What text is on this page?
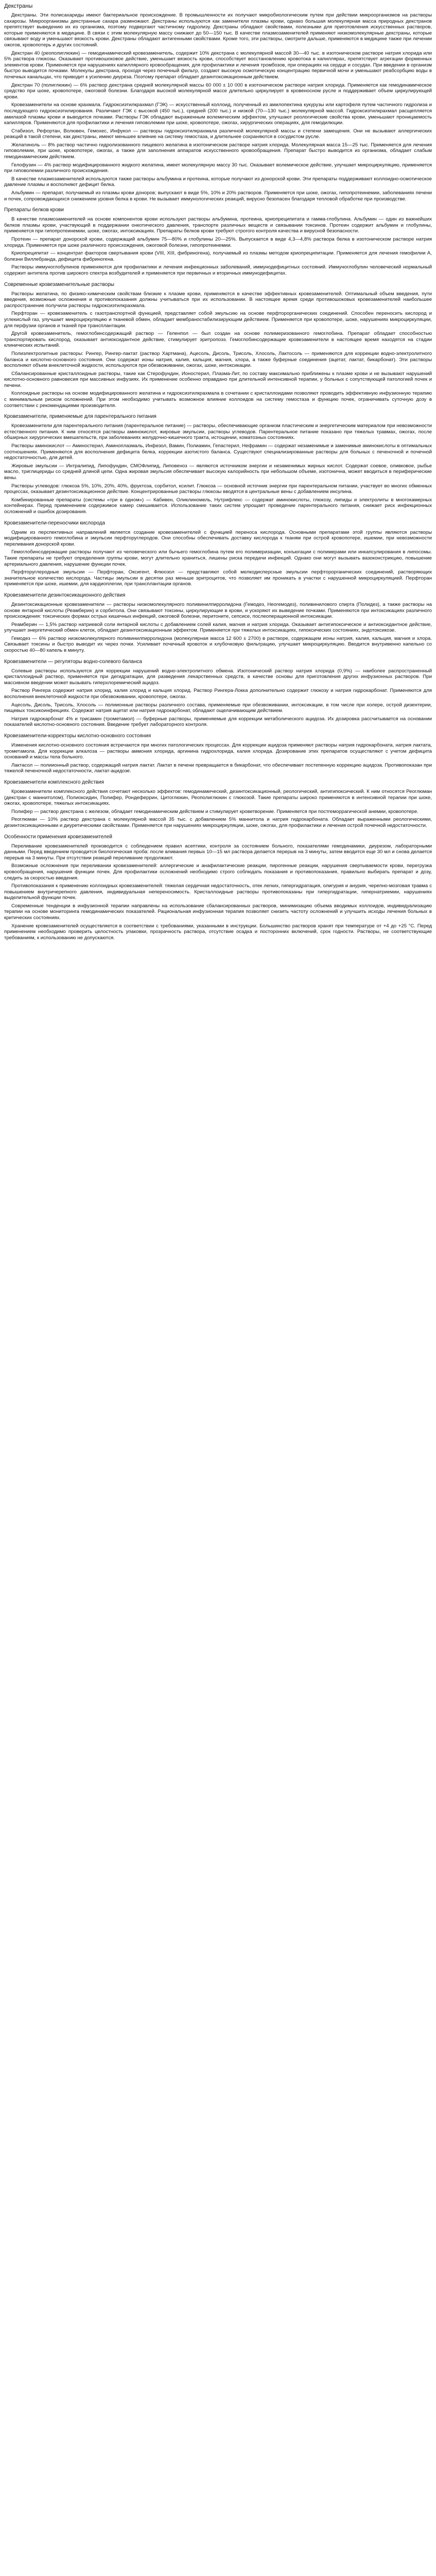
Декстраны

Декстраны. Эти полисахариды имеют бактериальное происхождение. В промышленности их получают микробиологическим путем при действии микроорганизмов на растворы сахарозы. Микроорганизмы декстранные сахара размножают. Декстраны используются как заменители плазмы крови, однако большая молекулярная масса природных декстранов препятствует выведению их из организма, поэтому подвергают частичному гидролизу. Декстраны обладают свойствами, полезными для приготовления искусственных растворов, которые применяются в медицине. В связи с этим молекулярную массу снижают до 50—150 тыс. В качестве плазмозаменителей применяют низкомолекулярные декстраны, которые связывают воду и уменьшают вязкость крови. Декстраны обладают антигенными свойствами. Кроме того, эти растворы, смотрите дальше, применяются в медицине также при лечении ожогов, кровопотерь и других состояний.

Декстран 40 (реополиглюкин) — гемодинамический кровезаменитель, содержит 10% декстрана с молекулярной массой 30—40 тыс. в изотоническом растворе натрия хлорида или 5% раствора глюкозы. Оказывает противошоковое действие, уменьшает вязкость крови, способствует восстановлению кровотока в капиллярах, препятствует агрегации форменных элементов крови. Применяется при нарушениях капиллярного кровообращения, для профилактики и лечения тромбозов, при операциях на сердце и сосудах. При введении в организм быстро выводится почками. Молекулы декстрана, проходя через почечный фильтр, создают высокую осмотическую концентрацию первичной мочи и уменьшают реабсорбцию воды в почечных канальцах, что приводит к усилению диуреза. Поэтому препарат обладает дезинтоксикационным действием.

Декстран 70 (полиглюкин) — 6% раствор декстрана средней молекулярной массы 60 000 ± 10 000 в изотоническом растворе натрия хлорида. Применяется как гемодинамическое средство при шоке, кровопотере, ожоговой болезни. Благодаря высокой молекулярной массе длительно циркулирует в кровеносном русле и поддерживает объем циркулирующей крови.

Кровезаменители на основе крахмала. Гидроксиэтилкрахмал (ГЭК) — искусственный коллоид, полученный из амилопектина кукурузы или картофеля путем частичного гидролиза и последующего гидроксиэтилирования. Различают ГЭК с высокой (450 тыс.), средней (200 тыс.) и низкой (70—130 тыс.) молекулярной массой. Гидроксиэтилкрахмал расщепляется амилазой плазмы крови и выводится почками. Растворы ГЭК обладают выраженным волемическим эффектом, улучшают реологические свойства крови, уменьшают проницаемость капилляров. Применяются для профилактики и лечения гиповолемии при шоке, кровопотере, ожогах, хирургических операциях, для гемодилюции.

Стабизол, Рефортан, Волювен, Гемохес, Инфукол — растворы гидроксиэтилкрахмала различной молекулярной массы и степени замещения. Они не вызывают аллергических реакций в такой степени, как декстраны, имеют меньшее влияние на систему гемостаза, и длительнее сохраняются в сосудистом русле.

Желатиноль — 8% раствор частично гидролизованного пищевого желатина в изотоническом растворе натрия хлорида. Молекулярная масса 15—25 тыс. Применяется для лечения гиповолемии, при шоке, кровопотере, ожогах, а также для заполнения аппаратов искусственного кровообращения. Препарат быстро выводится из организма, обладает слабым гемодинамическим действием.

Гелофузин — 4% раствор модифицированного жидкого желатина, имеет молекулярную массу 30 тыс. Оказывает волемическое действие, улучшает микроциркуляцию, применяется при гиповолемии различного происхождения.

В качестве плазмозаменителей используются также растворы альбумина и протеина, которые получают из донорской крови. Эти препараты поддерживают коллоидно-осмотическое давление плазмы и восполняют дефицит белка.

Альбумин — препарат, получаемый из плазмы крови доноров; выпускают в виде 5%, 10% и 20% растворов. Применяется при шоке, ожогах, гипопротеинемии, заболеваниях печени и почек, сопровождающихся снижением уровня белка в крови. Не вызывает иммунологических реакций, вирусно безопасен благодаря тепловой обработке при производстве.

Препараты белков крови

В качестве плазмозаменителей на основе компонентов крови используют растворы альбумина, протеина, криопреципитата и гамма-глобулина. Альбумин — один из важнейших белков плазмы крови, участвующий в поддержании онкотического давления, транспорте различных веществ и связывании токсинов. Протеин содержит альбумин и глобулины, применяется при гипопротеинемии, шоке, ожогах, интоксикациях. Препараты белков крови требуют строгого контроля качества и вирусной безопасности.

Протеин — препарат донорской крови, содержащий альбумин 75—80% и глобулины 20—25%. Выпускается в виде 4,3—4,8% раствора белка в изотоническом растворе натрия хлорида. Применяется при шоке различного происхождения, ожоговой болезни, гипопротеинемии.

Криопреципитат — концентрат факторов свертывания крови (VIII, XIII, фибриногена), получаемый из плазмы методом криопреципитации. Применяется для лечения гемофилии А, болезни Виллебранда, дефицита фибриногена.

Растворы иммуноглобулинов применяются для профилактики и лечения инфекционных заболеваний, иммунодефицитных состояний. Иммуноглобулин человеческий нормальный содержит антитела против широкого спектра возбудителей и применяется при первичных и вторичных иммунодефицитах.

Современные кровезаменительные растворы

Растворы желатина, по физико-химическим свойствам близкие к плазме крови, применяются в качестве эффективных кровезаменителей. Оптимальный объем введения, пути введения, возможные осложнения и противопоказания должны учитываться при их использовании. В настоящее время среди противошоковых кровезаменителей наибольшее распространение получили растворы гидроксиэтилкрахмала.

Перфторан — кровезаменитель с газотранспортной функцией, представляет собой эмульсию на основе перфторорганических соединений. Способен переносить кислород и углекислый газ, улучшает микроциркуляцию и тканевой обмен, обладает мембраностабилизирующим действием. Применяется при кровопотере, шоке, нарушениях микроциркуляции, для перфузии органов и тканей при трансплантации.

Другой кровезаменитель, гемоглобинсодержащий раствор — Геленпол — был создан на основе полимеризованного гемоглобина. Препарат обладает способностью транспортировать кислород, оказывает антиоксидантное действие, стимулирует эритропоэз. Гемоглобинсодержащие кровезаменители в настоящее время находятся на стадии клинических испытаний.

Полиэлектролитные растворы: Рингер, Рингер-лактат (раствор Хартмана), Ацесоль, Дисоль, Трисоль, Хлосоль, Лактосоль — применяются для коррекции водно-электролитного баланса и кислотно-основного состояния. Они содержат ионы натрия, калия, кальция, магния, хлора, а также буферные соединения (ацетат, лактат, бикарбонат). Эти растворы восполняют объем внеклеточной жидкости, используются при обезвоживании, ожогах, шоке, интоксикации.

Сбалансированные кристаллоидные растворы, такие как Стерофундин, Ионостерил, Плазма-Лит, по составу максимально приближены к плазме крови и не вызывают нарушений кислотно-основного равновесия при массивных инфузиях. Их применение особенно оправдано при длительной интенсивной терапии, у больных с сопутствующей патологией почек и печени.

Коллоидные растворы на основе модифицированного желатина и гидроксиэтилкрахмала в сочетании с кристаллоидами позволяют проводить эффективную инфузионную терапию с минимальным риском осложнений. При этом необходимо учитывать возможное влияние коллоидов на систему гемостаза и функцию почек, ограничивать суточную дозу в соответствии с рекомендациями производителя.

Кровезаменители, применяемые для парентерального питания

Кровезаменители для парентерального питания (парентеральное питание) — растворы, обеспечивающие организм пластическим и энергетическим материалом при невозможности естественного питания. К ним относятся растворы аминокислот, жировые эмульсии, растворы углеводов. Парентеральное питание показано при тяжелых травмах, ожогах, после обширных хирургических вмешательств, при заболеваниях желудочно-кишечного тракта, истощении, коматозных состояниях.

Растворы аминокислот — Аминостерил, Аминоплазмаль, Инфезол, Вамин, Полиамин, Гепастерил, Нефрамин — содержат незаменимые и заменимые аминокислоты в оптимальных соотношениях. Применяются для восполнения дефицита белка, коррекции азотистого баланса. Существуют специализированные растворы для больных с печеночной и почечной недостаточностью, для детей.

Жировые эмульсии — Интралипид, Липофундин, СМОФлипид, Липовеноз — являются источником энергии и незаменимых жирных кислот. Содержат соевое, оливковое, рыбье масло, триглицериды со средней длиной цепи. Одна жировая эмульсия обеспечивает высокую калорийность при небольшом объеме, изотонична, может вводиться в периферические вены.

Растворы углеводов: глюкоза 5%, 10%, 20%, 40%, фруктоза, сорбитол, ксилит. Глюкоза — основной источник энергии при парентеральном питании, участвует во многих обменных процессах, оказывает дезинтоксикационное действие. Концентрированные растворы глюкозы вводятся в центральные вены с добавлением инсулина.

Комбинированные препараты (системы «три в одном») — Кабивен, Оликлиномель, Нутрифлекс — содержат аминокислоты, глюкозу, липиды и электролиты в многокамерных контейнерах. Перед применением содержимое камер смешивается. Использование таких систем упрощает проведение парентерального питания, снижает риск инфекционных осложнений и ошибок дозирования.

Кровезаменители-переносчики кислорода

Одним из перспективных направлений является создание кровезаменителей с функцией переноса кислорода. Основными препаратами этой группы являются растворы модифицированного гемоглобина и эмульсии перфторуглеродов. Они способны обеспечивать доставку кислорода к тканям при острой кровопотере, ишемии, при невозможности переливания донорской крови.

Гемоглобинсодержащие растворы получают из человеческого или бычьего гемоглобина путем его полимеризации, конъюгации с полимерами или инкапсулирования в липосомы. Такие препараты не требуют определения группы крови, могут длительно храниться, лишены риска передачи инфекций. Однако они могут вызывать вазоконстрикцию, повышение артериального давления, нарушение функции почек.

Перфторуглеродные эмульсии — Перфторан, Оксигент, Флюозол — представляют собой мелкодисперсные эмульсии перфторорганических соединений, растворяющих значительное количество кислорода. Частицы эмульсии в десятки раз меньше эритроцитов, что позволяет им проникать в участки с нарушенной микроциркуляцией. Перфторан применяется при шоке, ишемии, для кардиоплегии, при трансплантации органов.

Кровезаменители дезинтоксикационного действия

Дезинтоксикационные кровезаменители — растворы низкомолекулярного поливинилпирролидона (Гемодез, Неогемодез), поливинилового спирта (Полидез), а также растворы на основе янтарной кислоты (Реамберин) и сорбитола. Они связывают токсины, циркулирующие в крови, и ускоряют их выведение почками. Применяются при интоксикациях различного происхождения: токсических формах острых кишечных инфекций, ожоговой болезни, перитоните, сепсисе, послеоперационной интоксикации.

Реамберин — 1,5% раствор натриевой соли янтарной кислоты с добавлением солей калия, магния и натрия хлорида. Оказывает антигипоксическое и антиоксидантное действие, улучшает энергетический обмен клеток, обладает дезинтоксикационным эффектом. Применяется при тяжелых интоксикациях, гипоксических состояниях, эндотоксикозе.

Гемодез — 6% раствор низкомолекулярного поливинилпирролидона (молекулярная масса 12 600 ± 2700) в растворе, содержащем ионы натрия, калия, кальция, магния и хлора. Связывает токсины и быстро выводит их через почки. Усиливает почечный кровоток и клубочковую фильтрацию, улучшает микроциркуляцию. Вводится внутривенно капельно со скоростью 40—80 капель в минуту.

Кровезаменители — регуляторы водно-солевого баланса

Солевые растворы используются для коррекции нарушений водно-электролитного обмена. Изотонический раствор натрия хлорида (0,9%) — наиболее распространенный кристаллоидный раствор, применяется при дегидратации, для разведения лекарственных средств, в качестве основы для приготовления других инфузионных растворов. При массивном введении может вызывать гиперхлоремический ацидоз.

Раствор Рингера содержит натрия хлорид, калия хлорид и кальция хлорид. Раствор Рингера-Локка дополнительно содержит глюкозу и натрия гидрокарбонат. Применяются для восполнения внеклеточной жидкости при обезвоживании, кровопотере, ожогах.

Ацесоль, Дисоль, Трисоль, Хлосоль — полиионные растворы различного состава, применяемые при обезвоживании, интоксикации, в том числе при холере, острой дизентерии, пищевых токсикоинфекциях. Содержат натрия ацетат или натрия гидрокарбонат, обладают ощелачивающим действием.

Натрия гидрокарбонат 4% и трисамин (трометамол) — буферные растворы, применяемые для коррекции метаболического ацидоза. Их дозировка рассчитывается на основании показателей кислотно-основного состояния. Введение требует лабораторного контроля.

Кровезаменители-корректоры кислотно-основного состояния

Изменения кислотно-основного состояния встречаются при многих патологических процессах. Для коррекции ацидоза применяют растворы натрия гидрокарбоната, натрия лактата, трометамола. Для коррекции алкалоза — растворы аммония хлорида, аргинина гидрохлорида, калия хлорида. Дозирование этих препаратов осуществляют с учетом дефицита оснований и массы тела больного.

Лактасол — полиионный раствор, содержащий натрия лактат. Лактат в печени превращается в бикарбонат, что обеспечивает постепенную коррекцию ацидоза. Противопоказан при тяжелой печеночной недостаточности, лактат-ацидозе.

Кровезаменители комплексного действия

Кровезаменители комплексного действия сочетают несколько эффектов: гемодинамический, дезинтоксикационный, реологический, антигипоксический. К ним относятся Реоглюман (декстран с маннитолом), Полиоксидин, Полифер, Рондеферрин, Цитоглюкин, Реополиглюкин с глюкозой. Такие препараты широко применяются в интенсивной терапии при шоке, ожогах, кровопотере, тяжелых интоксикациях.

Полифер — раствор декстрана с железом, обладает гемодинамическим действием и стимулирует кроветворение. Применяется при постгеморрагической анемии, кровопотере.

Реоглюман — 10% раствор декстрана с молекулярной массой 35 тыс. с добавлением 5% маннитола и натрия гидрокарбоната. Обладает выраженными реологическими, дезинтоксикационными и диуретическими свойствами. Применяется при нарушениях микроциркуляции, шоке, ожогах, для профилактики и лечения острой почечной недостаточности.

Особенности применения кровезаменителей

Переливание кровезаменителей производится с соблюдением правил асептики, контроля за состоянием больного, показателями гемодинамики, диурезом, лабораторными данными. Перед введением проводится биологическая проба: после вливания первых 10—15 мл раствора делается перерыв на 3 минуты, затем вводится еще 30 мл и снова делается перерыв на 3 минуты. При отсутствии реакций переливание продолжают.

Возможные осложнения при переливании кровезаменителей: аллергические и анафилактические реакции, пирогенные реакции, нарушения свертываемости крови, перегрузка кровообращения, нарушения функции почек. Для профилактики осложнений необходимо строго соблюдать показания и противопоказания, правильно выбирать препарат и дозу, следить за скоростью введения.

Противопоказания к применению коллоидных кровезаменителей: тяжелая сердечная недостаточность, отек легких, гипергидратация, олигурия и анурия, черепно-мозговая травма с повышением внутричерепного давления, индивидуальная непереносимость. Кристаллоидные растворы противопоказаны при гипергидратации, гипернатриемии, нарушениях выделительной функции почек.

Современные тенденции в инфузионной терапии направлены на использование сбалансированных растворов, минимизацию объема вводимых коллоидов, индивидуализацию терапии на основе мониторинга гемодинамических показателей. Рациональная инфузионная терапия позволяет снизить частоту осложнений и улучшить исходы лечения больных в критических состояниях.

Хранение кровезаменителей осуществляется в соответствии с требованиями, указанными в инструкции. Большинство растворов хранят при температуре от +4 до +25 °C. Перед применением необходимо проверить целостность упаковки, прозрачность раствора, отсутствие осадка и посторонних включений, срок годности. Растворы, не соответствующие требованиям, к использованию не допускаются.
